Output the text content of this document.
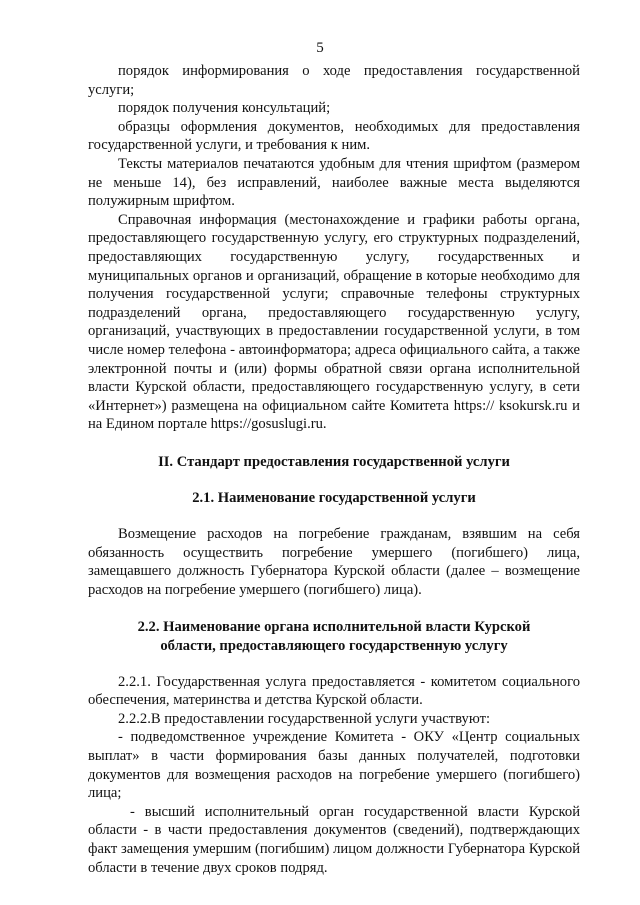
5

порядок информирования о ходе предоставления государственной услуги;

порядок получения консультаций;

образцы оформления документов, необходимых для предоставления государственной услуги, и требования к ним.

Тексты материалов печатаются удобным для чтения шрифтом (размером не меньше 14), без исправлений, наиболее важные места выделяются полужирным шрифтом.

Справочная информация (местонахождение и графики работы органа, предоставляющего государственную услугу, его структурных подразделений, предоставляющих государственную услугу, государственных и муниципальных органов и организаций, обращение в которые необходимо для получения государственной услуги; справочные телефоны структурных подразделений органа, предоставляющего государственную услугу, организаций, участвующих в предоставлении государственной услуги, в том числе номер телефона - автоинформатора; адреса официального сайта, а также электронной почты и (или) формы обратной связи органа исполнительной власти Курской области, предоставляющего государственную услугу, в сети «Интернет») размещена на официальном сайте Комитета https:// ksokursk.ru и на Едином портале https://gosuslugi.ru.

II. Стандарт предоставления государственной услуги

2.1. Наименование государственной услуги

Возмещение расходов на погребение гражданам, взявшим на себя обязанность осуществить погребение умершего (погибшего) лица, замещавшего должность Губернатора Курской области (далее – возмещение расходов на погребение умершего (погибшего) лица).

2.2. Наименование органа исполнительной власти Курской

области, предоставляющего государственную услугу

2.2.1. Государственная услуга предоставляется - комитетом социального обеспечения, материнства и детства Курской области.

2.2.2.В предоставлении государственной услуги участвуют:

- подведомственное учреждение Комитета - ОКУ «Центр социальных выплат» в части формирования базы данных получателей, подготовки документов для возмещения расходов на погребение умершего (погибшего) лица;

- высший исполнительный орган государственной власти Курской области - в части предоставления документов (сведений), подтверждающих факт замещения умершим (погибшим) лицом должности Губернатора Курской области в течение двух сроков подряд.
